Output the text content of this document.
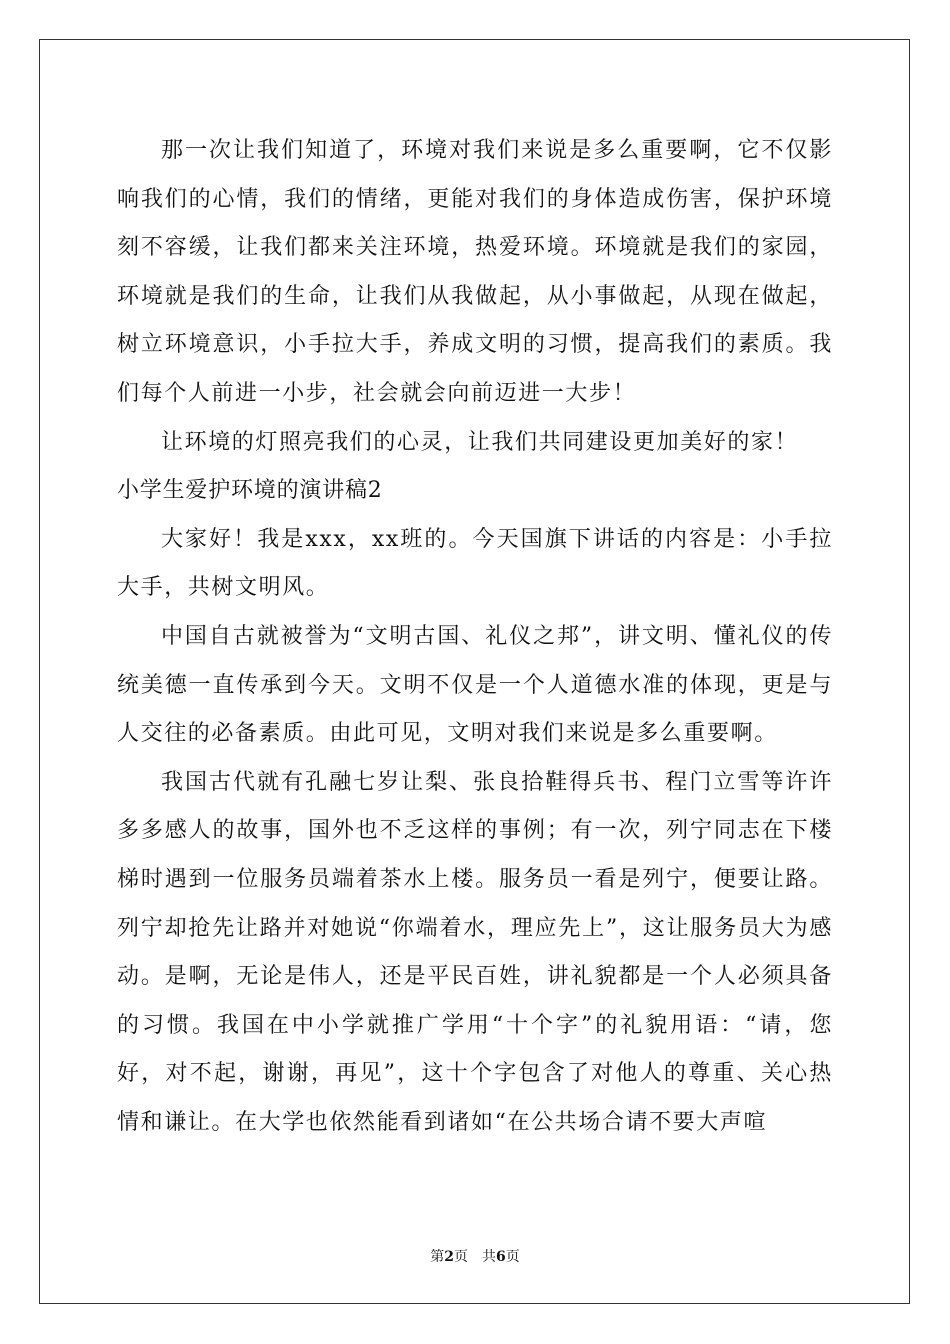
那一次让我们知道了，环境对我们来说是多么重要啊，它不仅影响我们的心情，我们的情绪，更能对我们的身体造成伤害，保护环境刻不容缓，让我们都来关注环境，热爱环境。环境就是我们的家园，环境就是我们的生命，让我们从我做起，从小事做起，从现在做起，树立环境意识，小手拉大手，养成文明的习惯，提高我们的素质。我们每个人前进一小步，社会就会向前迈进一大步！

让环境的灯照亮我们的心灵，让我们共同建设更加美好的家！

小学生爱护环境的演讲稿2

大家好！我是xxx，xx班的。今天国旗下讲话的内容是：小手拉大手，共树文明风。

中国自古就被誉为“文明古国、礼仪之邦”，讲文明、懂礼仪的传统美德一直传承到今天。文明不仅是一个人道德水准的体现，更是与人交往的必备素质。由此可见，文明对我们来说是多么重要啊。

我国古代就有孔融七岁让梨、张良拾鞋得兵书、程门立雪等许许多多感人的故事，国外也不乏这样的事例；有一次，列宁同志在下楼梯时遇到一位服务员端着茶水上楼。服务员一看是列宁，便要让路。列宁却抢先让路并对她说“你端着水，理应先上”，这让服务员大为感动。是啊，无论是伟人，还是平民百姓，讲礼貌都是一个人必须具备的习惯。我国在中小学就推广学用“十个字”的礼貌用语：“请，您好，对不起，谢谢，再见”，这十个字包含了对他人的尊重、关心热情和谦让。在大学也依然能看到诸如“在公共场合请不要大声喧

第2页 共6页
